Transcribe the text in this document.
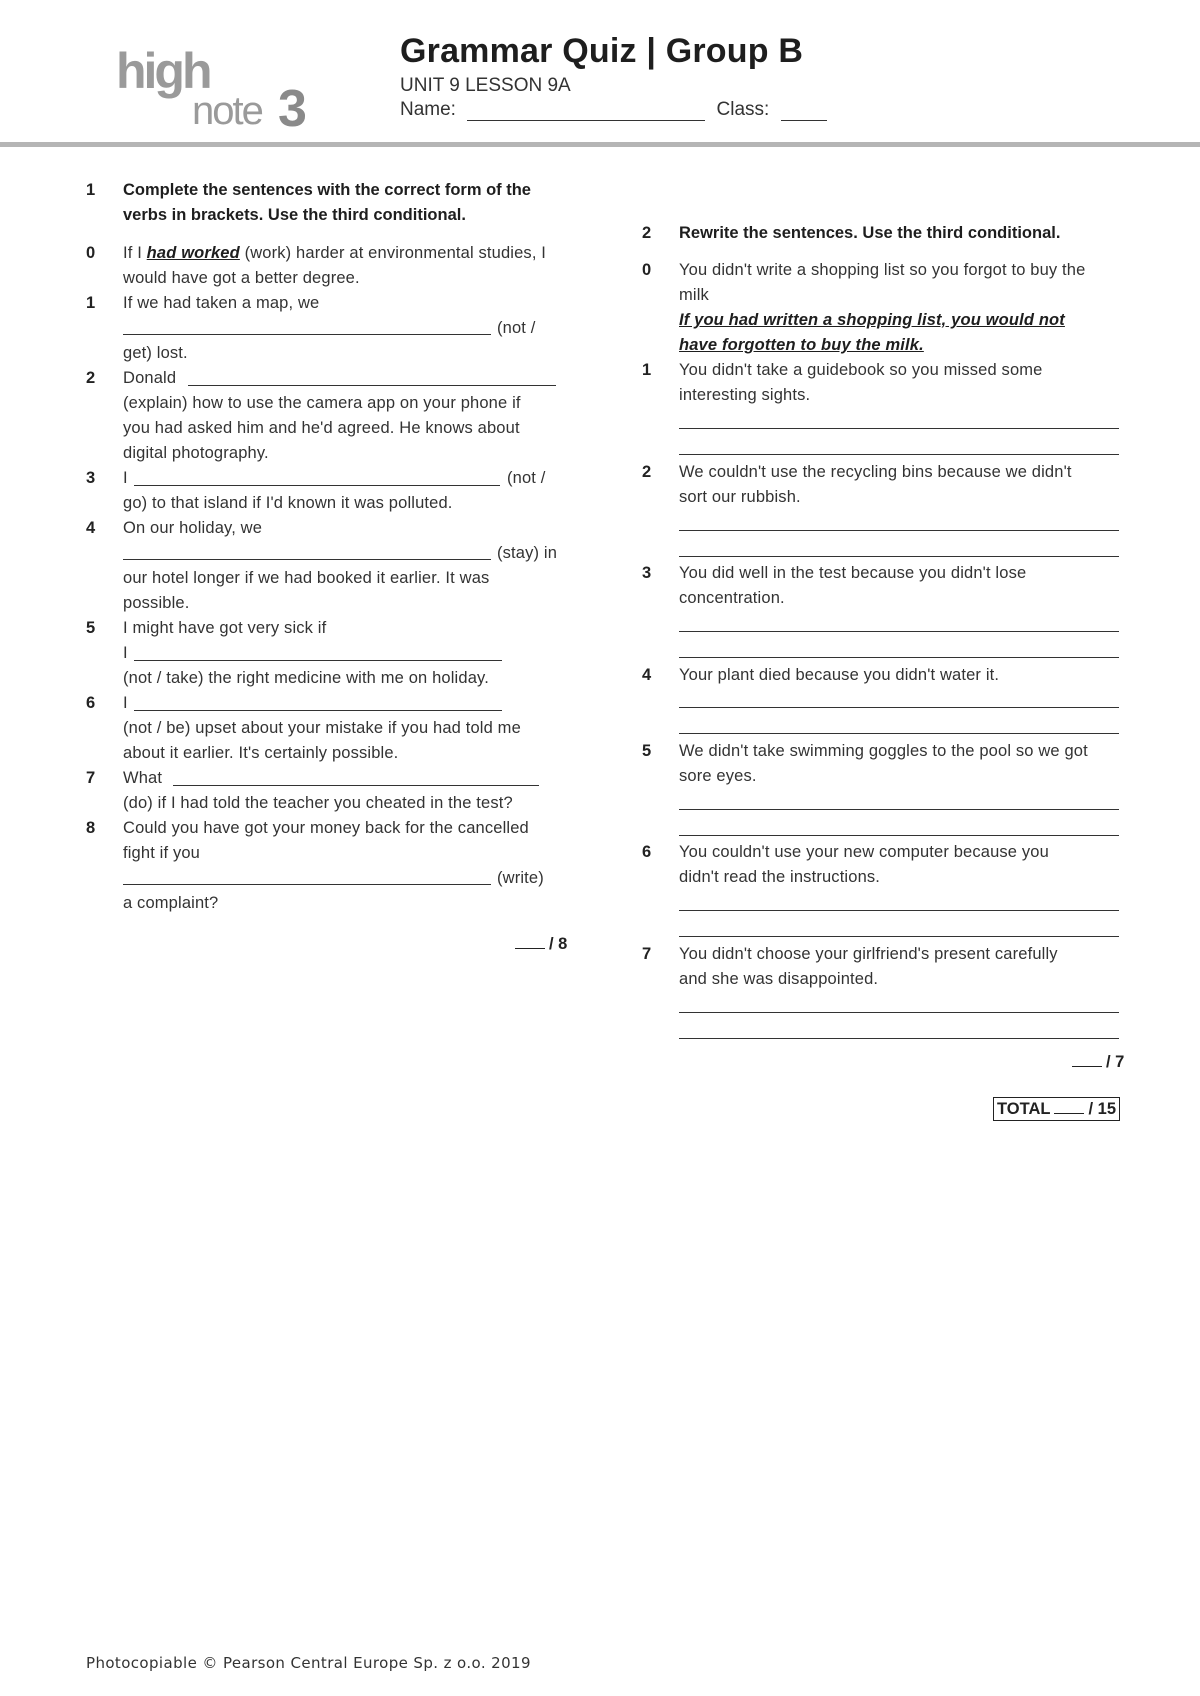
high
note 3
Grammar Quiz | Group B
UNIT 9 LESSON 9A
Name:	Class:
1	Complete the sentences with the correct form of the verbs in brackets. Use the third conditional.
0	If I had worked (work) harder at environmental studies, I would have got a better degree.
1	If we had taken a map, we
(not /
get) lost.
2	Donald
(explain) how to use the camera app on your phone if
you had asked him and he'd agreed. He knows about
digital photography.
3	I	(not /
go) to that island if I'd known it was polluted.
4	On our holiday, we
(stay) in
our hotel longer if we had booked it earlier. It was
possible.
5	I might have got very sick if
I
(not / take) the right medicine with me on holiday.
6	I
(not / be) upset about your mistake if you had told me
about it earlier. It's certainly possible.
7	What
(do) if I had told the teacher you cheated in the test?
8	Could you have got your money back for the cancelled
fight if you
(write)
a complaint?
/ 8
2	Rewrite the sentences. Use the third conditional.
0	You didn't write a shopping list so you forgot to buy the
milk
If you had written a shopping list, you would not
have forgotten to buy the milk.
1	You didn't take a guidebook so you missed some
interesting sights.
2	We couldn't use the recycling bins because we didn't
sort our rubbish.
3	You did well in the test because you didn't lose
concentration.
4	Your plant died because you didn't water it.
5	We didn't take swimming goggles to the pool so we got
sore eyes.
6	You couldn't use your new computer because you
didn't read the instructions.
7	You didn't choose your girlfriend's present carefully
and she was disappointed.
/ 7
TOTAL / 15
Photocopiable © Pearson Central Europe Sp. z o.o. 2019
